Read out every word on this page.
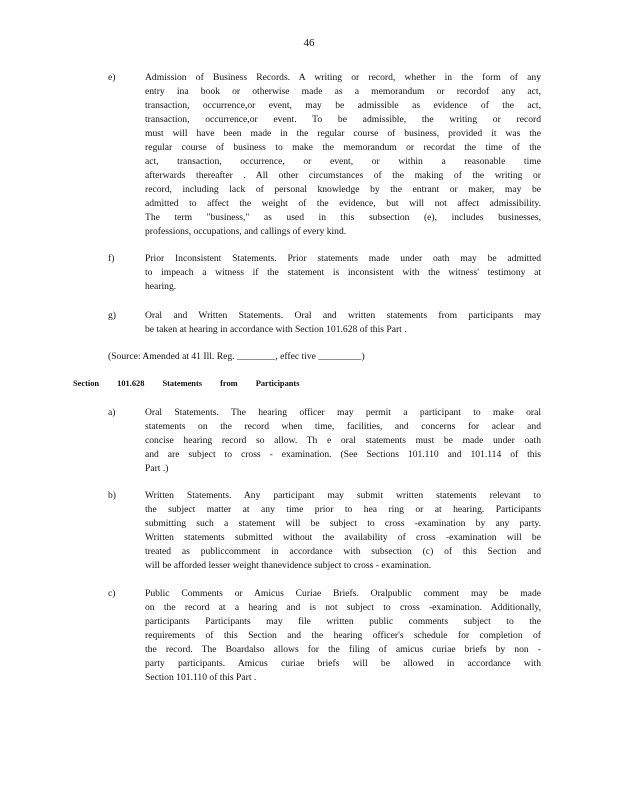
46
e)	Admission of Business Records. A writing or record, whether in the form of any
entry ina book or otherwise made as a memorandum or recordof any act,
transaction, occurrence,or event, may be admissible as evidence of the act,
transaction, occurrence,or event. To be admissible, the writing or record
must will have been made in the regular course of business, provided it was the
regular course of business to make the memorandum or recordat the time of the
act, transaction, occurrence, or event, or within a reasonable time
afterwards thereafter . All other circumstances of the making of the writing or
record, including lack of personal knowledge by the entrant or maker, may be
admitted to affect the weight of the evidence, but will not affect admissibility.
The term "business," as used in this subsection (e), includes businesses,
professions, occupations, and callings of every kind.
f)	Prior Inconsistent Statements. Prior statements made under oath may be admitted
to impeach a witness if the statement is inconsistent with the witness' testimony at
hearing.
g)	Oral and Written Statements. Oral and written statements from participants may
be taken at hearing in accordance with Section 101.628 of this Part .
(Source: Amended at 41 Ill. Reg. ________, effec tive _________)
Section 101.628 Statements from Participants
a)	Oral Statements. The hearing officer may permit a participant to make oral
statements on the record when time, facilities, and concerns for aclear and
concise hearing record so allow. Th e oral statements must be made under oath
and are subject to cross - examination. (See Sections 101.110 and 101.114 of this
Part .)
b)	Written Statements. Any participant may submit written statements relevant to
the subject matter at any time prior to hea ring or at hearing. Participants
submitting such a statement will be subject to cross -examination by any party.
Written statements submitted without the availability of cross -examination will be
treated as publiccomment in accordance with subsection (c) of this Section and
will be afforded lesser weight thanevidence subject to cross - examination.
c)	Public Comments or Amicus Curiae Briefs. Oralpublic comment may be made
on the record at a hearing and is not subject to cross -examination. Additionally,
participants Participants may file written public comments subject to the
requirements of this Section and the hearing officer's schedule for completion of
the record. The Boardalso allows for the filing of amicus curiae briefs by non -
party participants. Amicus curiae briefs will be allowed in accordance with
Section 101.110 of this Part .
